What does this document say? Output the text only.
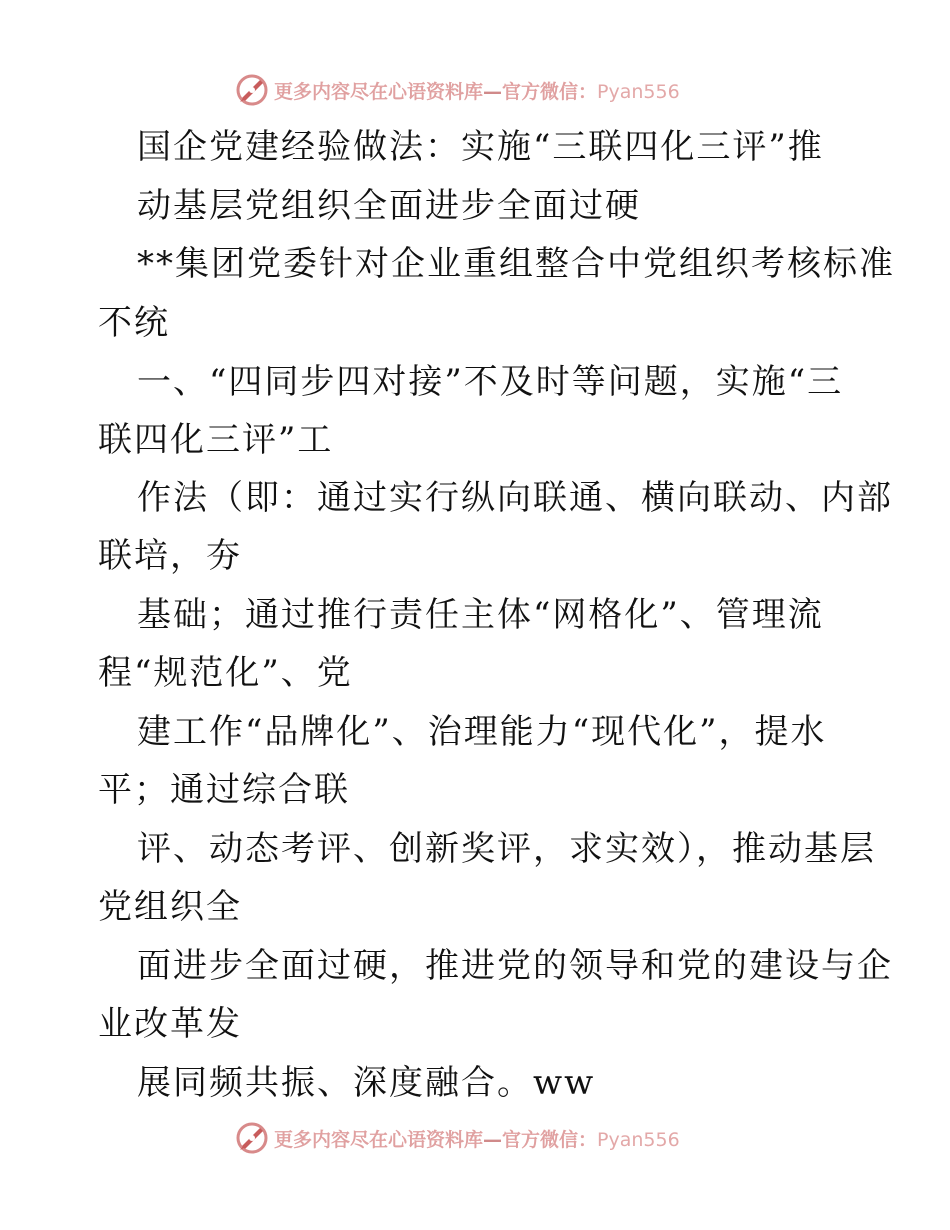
更多内容尽在心语资料库—官方微信：Pyan556
国企党建经验做法：实施“三联四化三评”推
动基层党组织全面进步全面过硬
**集团党委针对企业重组整合中党组织考核标准
不统
一、“四同步四对接”不及时等问题，实施“三
联四化三评”工
作法（即：通过实行纵向联通、横向联动、内部
联培，夯
基础；通过推行责任主体“网格化”、管理流
程“规范化”、党
建工作“品牌化”、治理能力“现代化”，提水
平；通过综合联
评、动态考评、创新奖评，求实效），推动基层
党组织全
面进步全面过硬，推进党的领导和党的建设与企
业改革发
展同频共振、深度融合。ww
更多内容尽在心语资料库—官方微信：Pyan556
